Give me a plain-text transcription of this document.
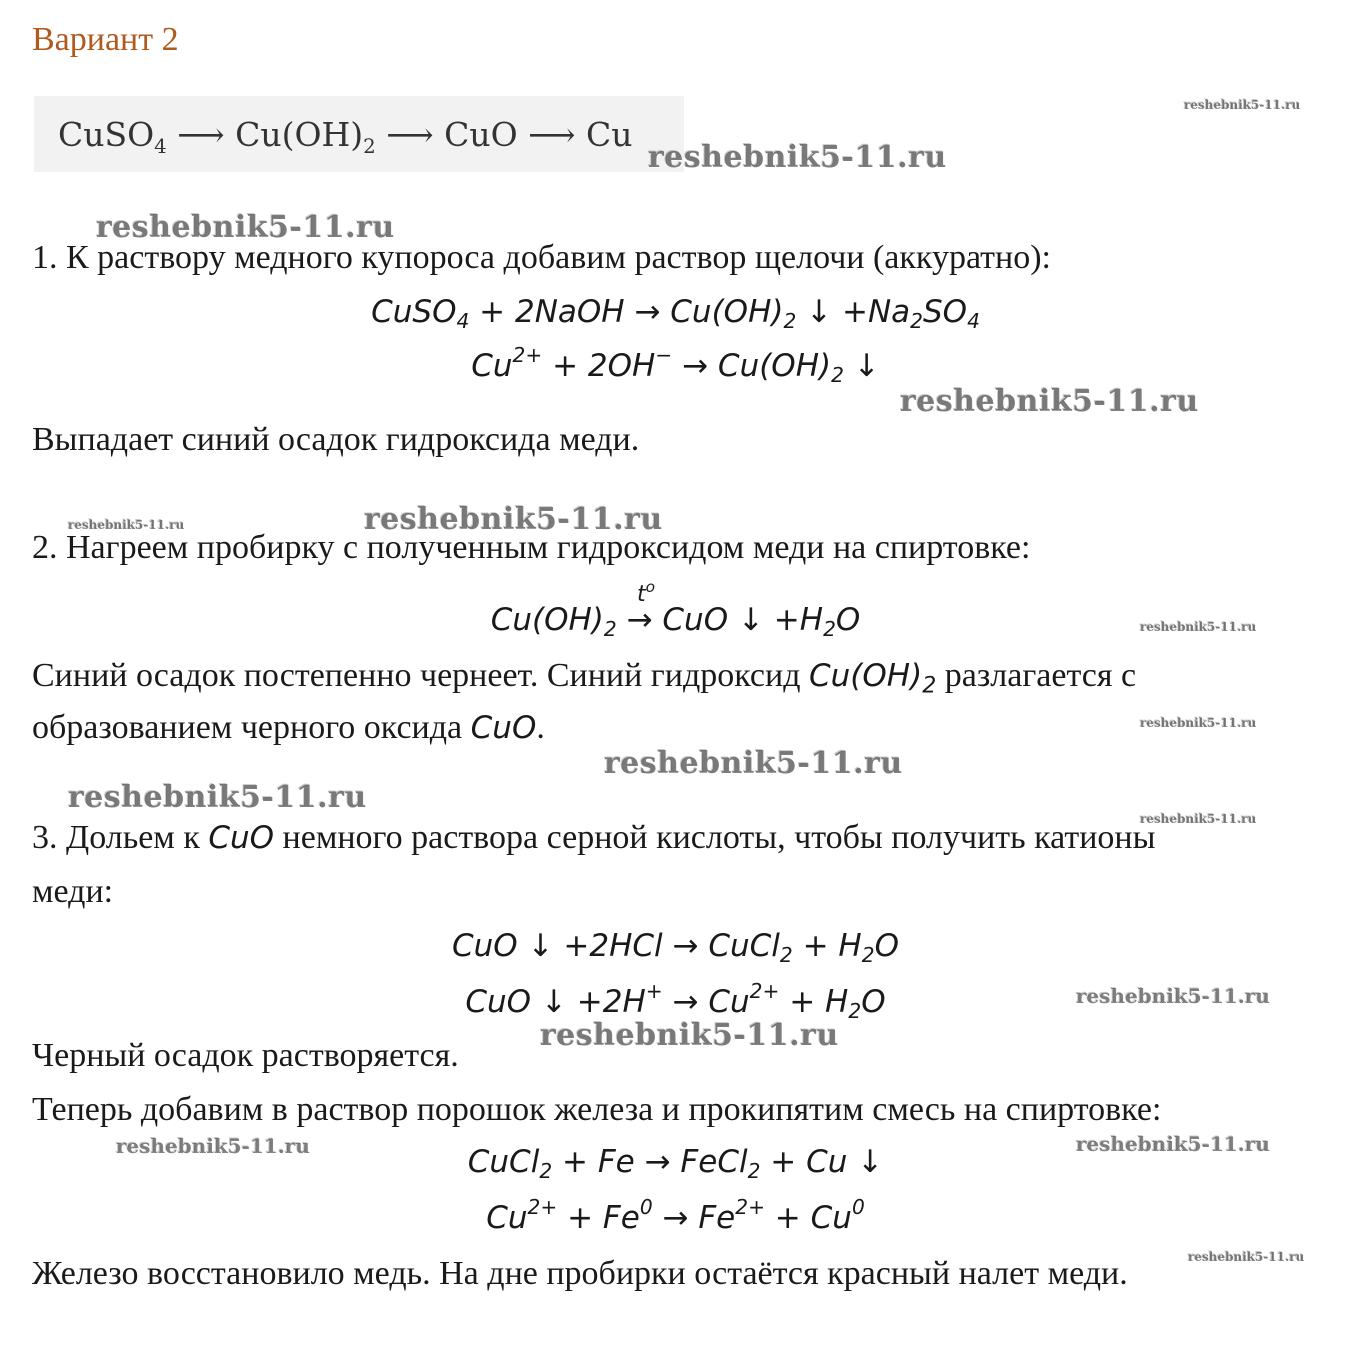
Вариант 2
CuSO$_4$ ⟶ $Cu(OH)_2$ ⟶ CuO ⟶ Cu
1. К раствору медного купороса добавим раствор щелочи (аккуратно):
CuSO$_4$ + 2NaOH → $Cu(OH)_2$ ↓ $+Na_2SO_4$
$Cu^{2+} + 2OH^- \to Cu(OH)_2$ ↓
Выпадает синий осадок гидроксида меди.
2. Нагреем пробирку с полученным гидроксидом меди на спиртовке:
$t^o$
$Cu(OH)_2$ → CuO ↓ $+H_2O$
Синий осадок постепенно чернеет. Синий гидроксид $Cu(OH)_2$ разлагается с
образованием черного оксида CuO.
3. Дольем к CuO немного раствора серной кислоты, чтобы получить катионы
меди:
CuO ↓ +2HCl → CuCl$_2$ + $H_2O$
CuO ↓ $+2H^+ \to Cu^{2+} + H_2O$
Черный осадок растворяется.
Теперь добавим в раствор порошок железа и прокипятим смесь на спиртовке:
CuCl$_2$ + Fe → FeCl$_2$ + Cu ↓
$Cu^{2+} + Fe^0 \to Fe^{2+} + Cu^0$
Железо восстановило медь. На дне пробирки остаётся красный налет меди.
reshebnik5-11.ru
reshebnik5-11.ru
reshebnik5-11.ru
reshebnik5-11.ru
reshebnik5-11.ru	reshebnik5-11.ru
reshebnik5-11.ru
reshebnik5-11.ru
reshebnik5-11.ru
reshebnik5-11.ru
reshebnik5-11.ru
reshebnik5-11.ru
reshebnik5-11.ru
reshebnik5-11.ru	reshebnik5-11.ru
reshebnik5-11.ru
